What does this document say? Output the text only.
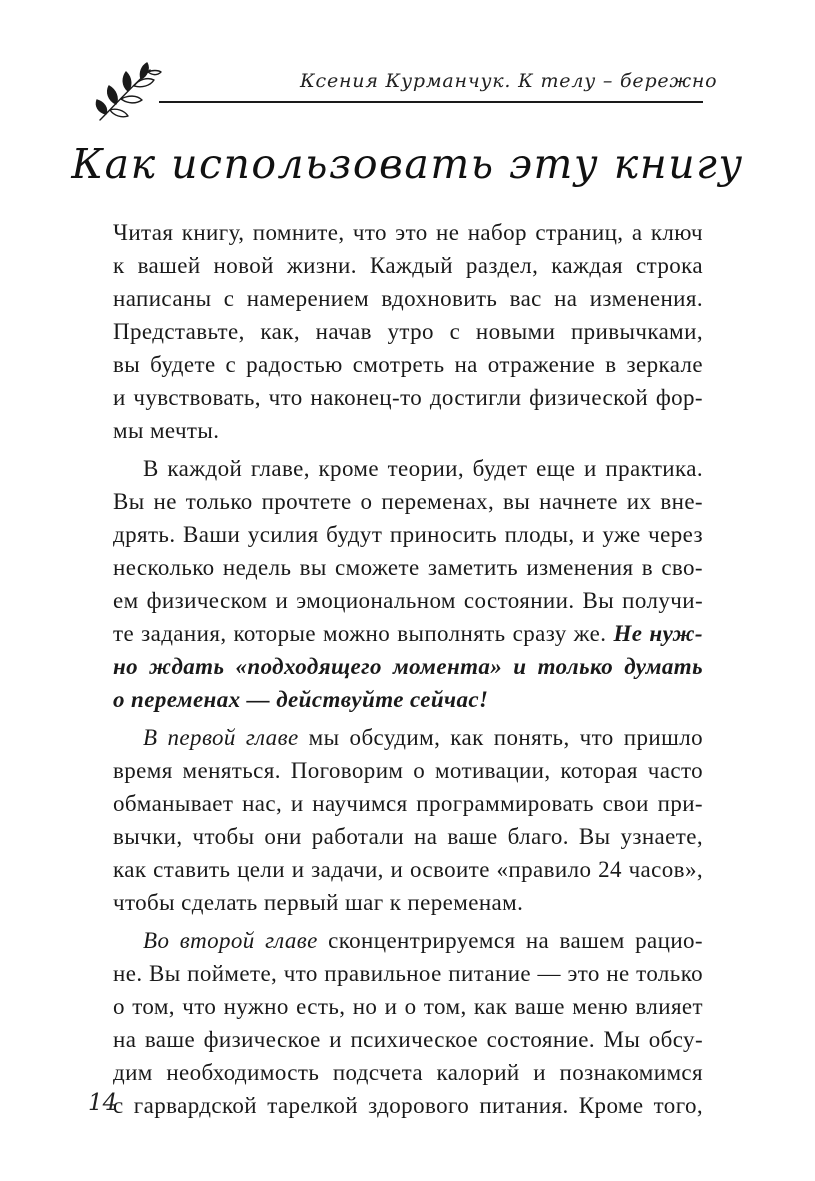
Ксения Курманчук. К телу – бережно
Как использовать эту книгу
Читая книгу, помните, что это не набор страниц, а ключ
к вашей новой жизни. Каждый раздел, каждая строка
написаны с намерением вдохновить вас на изменения.
Представьте, как, начав утро с новыми привычками,
вы будете с радостью смотреть на отражение в зеркале
и чувствовать, что наконец-то достигли физической фор-
мы мечты.
В каждой главе, кроме теории, будет еще и практика.
Вы не только прочтете о переменах, вы начнете их вне-
дрять. Ваши усилия будут приносить плоды, и уже через
несколько недель вы сможете заметить изменения в сво-
ем физическом и эмоциональном состоянии. Вы получи-
те задания, которые можно выполнять сразу же. Не нуж-
но ждать «подходящего момента» и только думать
о переменах — действуйте сейчас!
В первой главе мы обсудим, как понять, что пришло
время меняться. Поговорим о мотивации, которая часто
обманывает нас, и научимся программировать свои при-
вычки, чтобы они работали на ваше благо. Вы узнаете,
как ставить цели и задачи, и освоите «правило 24 часов»,
чтобы сделать первый шаг к переменам.
Во второй главе сконцентрируемся на вашем рацио-
не. Вы поймете, что правильное питание — это не только
о том, что нужно есть, но и о том, как ваше меню влияет
на ваше физическое и психическое состояние. Мы обсу-
дим необходимость подсчета калорий и познакомимся
с гарвардской тарелкой здорового питания. Кроме того,
14
